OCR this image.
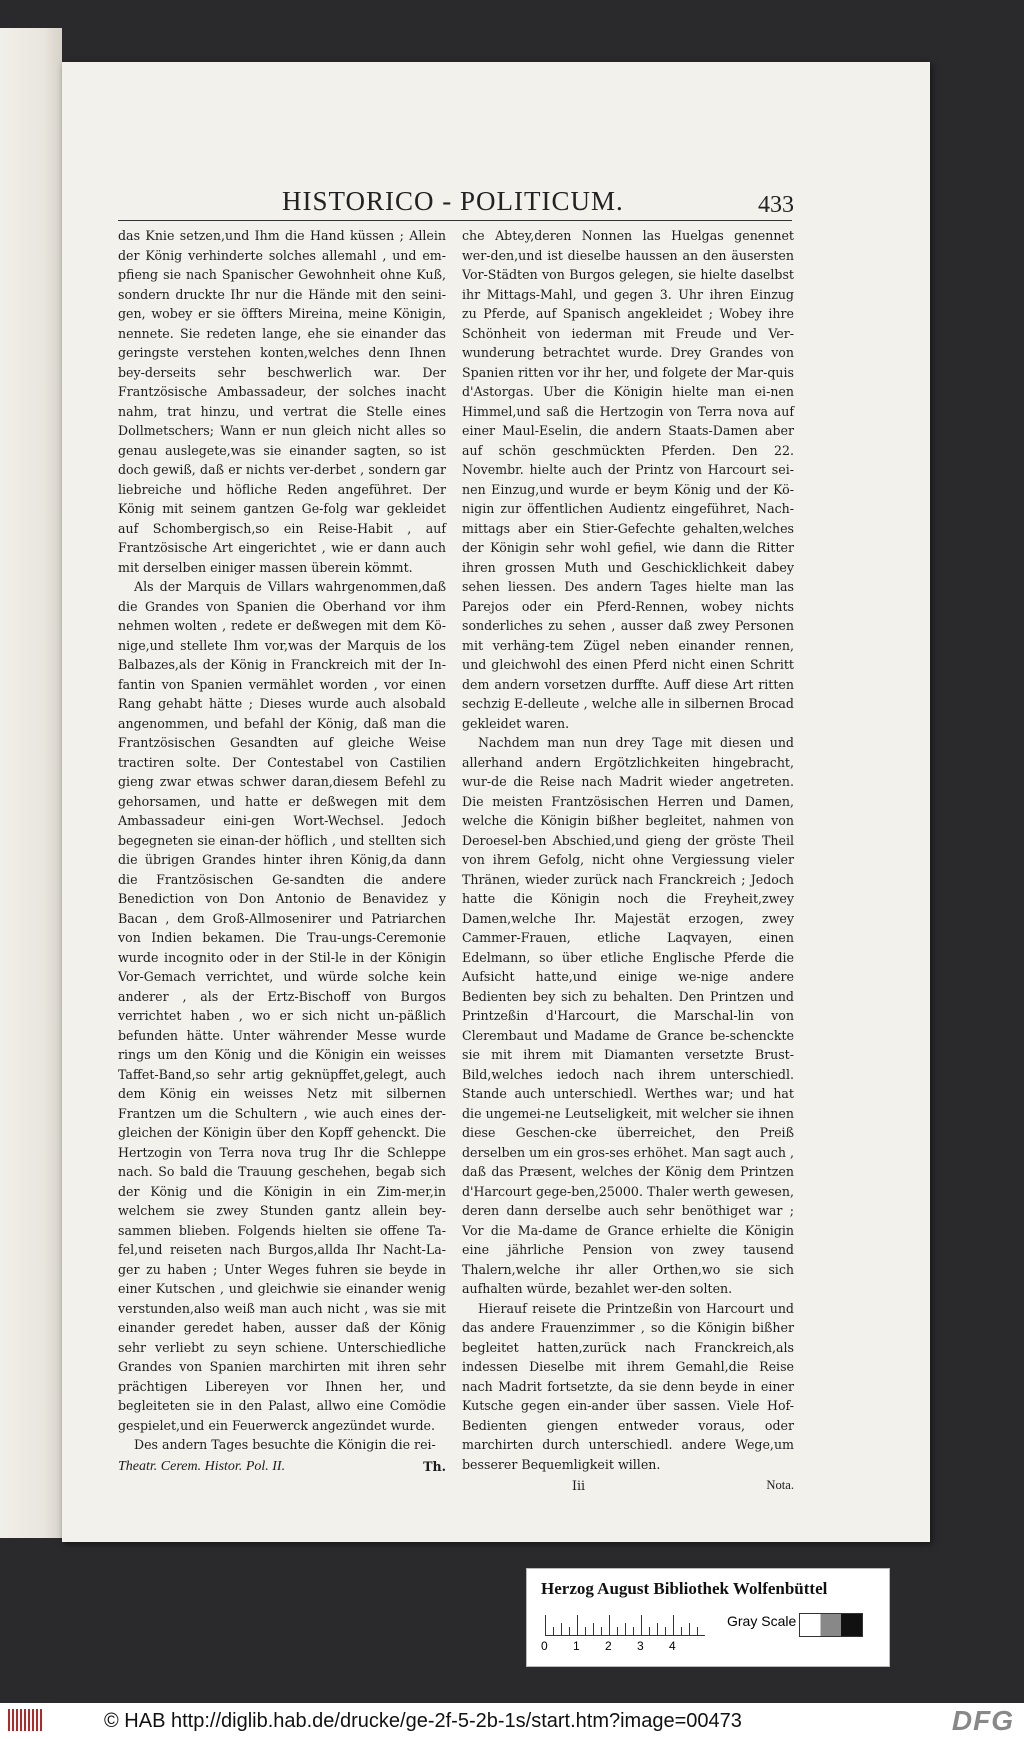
HISTORICO - POLITICUM.	433

das Knie setzen,und Ihm die Hand küssen ; Allein der König verhinderte solches allemahl , und em-pfieng sie nach Spanischer Gewohnheit ohne Kuß, sondern druckte Ihr nur die Hände mit den seini-gen, wobey er sie öffters Mireina, meine Königin, nennete. Sie redeten lange, ehe sie einander das geringste verstehen konten,welches denn Ihnen bey-derseits sehr beschwerlich war. Der Frantzösische Ambassadeur, der solches inacht nahm, trat hinzu, und vertrat die Stelle eines Dollmetschers; Wann er nun gleich nicht alles so genau auslegete,was sie einander sagten, so ist doch gewiß, daß er nichts ver-derbet , sondern gar liebreiche und höfliche Reden angeführet. Der König mit seinem gantzen Ge-folg war gekleidet auf Schombergisch,so ein Reise-Habit , auf Frantzösische Art eingerichtet , wie er dann auch mit derselben einiger massen überein kömmt.

Als der Marquis de Villars wahrgenommen,daß die Grandes von Spanien die Oberhand vor ihm nehmen wolten , redete er deßwegen mit dem Kö-nige,und stellete Ihm vor,was der Marquis de los Balbazes,als der König in Franckreich mit der In-fantin von Spanien vermählet worden , vor einen Rang gehabt hätte ; Dieses wurde auch alsobald angenommen, und befahl der König, daß man die Frantzösischen Gesandten auf gleiche Weise tractiren solte. Der Contestabel von Castilien gieng zwar etwas schwer daran,diesem Befehl zu gehorsamen, und hatte er deßwegen mit dem Ambassadeur eini-gen Wort-Wechsel. Jedoch begegneten sie einan-der höflich , und stellten sich die übrigen Grandes hinter ihren König,da dann die Frantzösischen Ge-sandten die andere Benediction von Don Antonio de Benavidez y Bacan , dem Groß-Allmosenirer und Patriarchen von Indien bekamen. Die Trau-ungs-Ceremonie wurde incognito oder in der Stil-le in der Königin Vor-Gemach verrichtet, und würde solche kein anderer , als der Ertz-Bischoff von Burgos verrichtet haben , wo er sich nicht un-päßlich befunden hätte. Unter währender Messe wurde rings um den König und die Königin ein weisses Taffet-Band,so sehr artig geknüpffet,gelegt, auch dem König ein weisses Netz mit silbernen Frantzen um die Schultern , wie auch eines der-gleichen der Königin über den Kopff gehenckt. Die Hertzogin von Terra nova trug Ihr die Schleppe nach. So bald die Trauung geschehen, begab sich der König und die Königin in ein Zim-mer,in welchem sie zwey Stunden gantz allein bey-sammen blieben. Folgends hielten sie offene Ta-fel,und reiseten nach Burgos,allda Ihr Nacht-La-ger zu haben ; Unter Weges fuhren sie beyde in einer Kutschen , und gleichwie sie einander wenig verstunden,also weiß man auch nicht , was sie mit einander geredet haben, ausser daß der König sehr verliebt zu seyn schiene. Unterschiedliche Grandes von Spanien marchirten mit ihren sehr prächtigen Libereyen vor Ihnen her, und begleiteten sie in den Palast, allwo eine Comödie gespielet,und ein Feuerwerck angezündet wurde.

Des andern Tages besuchte die Königin die rei-

Theatr. Cerem. Histor. Pol. II.	Th.

che Abtey,deren Nonnen las Huelgas genennet wer-den,und ist dieselbe haussen an den äusersten Vor-Städten von Burgos gelegen, sie hielte daselbst ihr Mittags-Mahl, und gegen 3. Uhr ihren Einzug zu Pferde, auf Spanisch angekleidet ; Wobey ihre Schönheit von iederman mit Freude und Ver-wunderung betrachtet wurde. Drey Grandes von Spanien ritten vor ihr her, und folgete der Mar-quis d'Astorgas. Uber die Königin hielte man ei-nen Himmel,und saß die Hertzogin von Terra nova auf einer Maul-Eselin, die andern Staats-Damen aber auf schön geschmückten Pferden. Den 22. Novembr. hielte auch der Printz von Harcourt sei-nen Einzug,und wurde er beym König und der Kö-nigin zur öffentlichen Audientz eingeführet, Nach-mittags aber ein Stier-Gefechte gehalten,welches der Königin sehr wohl gefiel, wie dann die Ritter ihren grossen Muth und Geschicklichkeit dabey sehen liessen. Des andern Tages hielte man las Parejos oder ein Pferd-Rennen, wobey nichts sonderliches zu sehen , ausser daß zwey Personen mit verhäng-tem Zügel neben einander rennen, und gleichwohl des einen Pferd nicht einen Schritt dem andern vorsetzen durffte. Auff diese Art ritten sechzig E-delleute , welche alle in silbernen Brocad gekleidet waren.

Nachdem man nun drey Tage mit diesen und allerhand andern Ergötzlichkeiten hingebracht, wur-de die Reise nach Madrit wieder angetreten. Die meisten Frantzösischen Herren und Damen, welche die Königin bißher begleitet, nahmen von Deroesel-ben Abschied,und gieng der gröste Theil von ihrem Gefolg, nicht ohne Vergiessung vieler Thränen, wieder zurück nach Franckreich ; Jedoch hatte die Königin noch die Freyheit,zwey Damen,welche Ihr. Majestät erzogen, zwey Cammer-Frauen, etliche Laqvayen, einen Edelmann, so über etliche Englische Pferde die Aufsicht hatte,und einige we-nige andere Bedienten bey sich zu behalten. Den Printzen und Printzeßin d'Harcourt, die Marschal-lin von Clerembaut und Madame de Grance be-schenckte sie mit ihrem mit Diamanten versetzte Brust-Bild,welches iedoch nach ihrem unterschiedl. Stande auch unterschiedl. Werthes war; und hat die ungemei-ne Leutseligkeit, mit welcher sie ihnen diese Geschen-cke überreichet, den Preiß derselben um ein gros-ses erhöhet. Man sagt auch , daß das Præsent, welches der König dem Printzen d'Harcourt gege-ben,25000. Thaler werth gewesen, deren dann derselbe auch sehr benöthiget war ; Vor die Ma-dame de Grance erhielte die Königin eine jährliche Pension von zwey tausend Thalern,welche ihr aller Orthen,wo sie sich aufhalten würde, bezahlet wer-den solten.

Hierauf reisete die Printzeßin von Harcourt und das andere Frauenzimmer , so die Königin bißher begleitet hatten,zurück nach Franckreich,als indessen Dieselbe mit ihrem Gemahl,die Reise nach Madrit fortsetzte, da sie denn beyde in einer Kutsche gegen ein-ander über sassen. Viele Hof-Bedienten giengen entweder voraus, oder marchirten durch unterschiedl. andere Wege,um besserer Bequemligkeit willen.

Iii	Nota.
Herzog August Bibliothek Wolfenbüttel
0 1 2 3 4
Gray Scale
© HAB http://diglib.hab.de/drucke/ge-2f-5-2b-1s/start.htm?image=00473	DFG
